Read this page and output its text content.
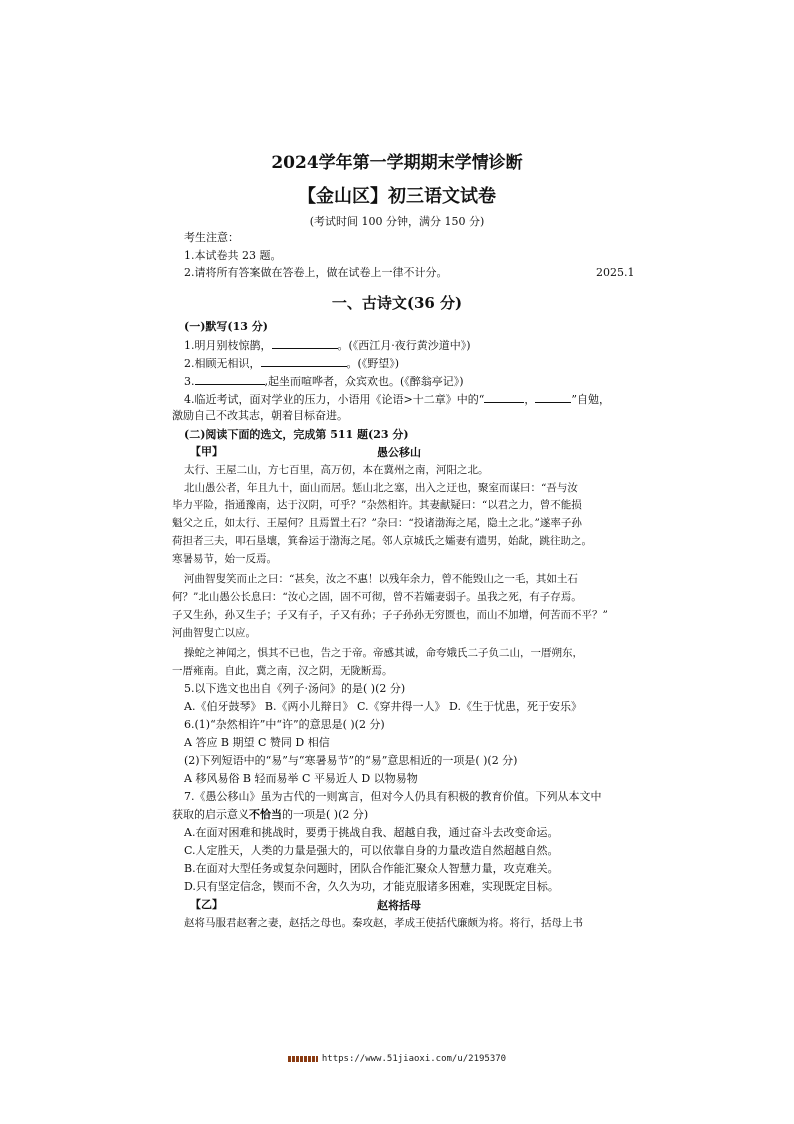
2024学年第一学期期末学情诊断
【金山区】初三语文试卷
(考试时间 100 分钟，满分 150 分)
考生注意：
1.本试卷共 23 题。
2.请将所有答案做在答卷上，做在试卷上一律不计分。	2025.1
一、古诗文(36 分)
(一)默写(13 分)
1.明月别枝惊鹊，	。(《西江月·夜行黄沙道中》)
2.相顾无相识，	。(《野望》)
3.	,起坐而喧哗者，众宾欢也。(《醉翁亭记》)
4.临近考试，面对学业的压力，小语用《论语>十二章》中的“	，	”自勉，
激励自己不改其志，朝着目标奋进。
(二)阅读下面的选文，完成第 511 题(23 分)
【甲】	愚公移山
太行、王屋二山，方七百里，高万仞，本在冀州之南，河阳之北。
北山愚公者，年且九十，面山而居。惩山北之塞，出入之迂也，聚室而谋曰：“吾与汝
毕力平险，指通豫南，达于汉阴，可乎？”杂然相许。其妻献疑曰：“以君之力，曾不能损
魁父之丘，如太行、王屋何？且焉置土石？”杂曰：“投诸渤海之尾，隐土之北。”遂率子孙
荷担者三夫，叩石垦壤，箕畚运于渤海之尾。邻人京城氏之孀妻有遗男，始龀，跳往助之。
寒暑易节，始一反焉。
河曲智叟笑而止之曰：“甚矣，汝之不惠！以残年余力，曾不能毁山之一毛，其如土石
何？”北山愚公长息曰：“汝心之固，固不可彻，曾不若孀妻弱子。虽我之死，有子存焉。
子又生孙，孙又生子；子又有子，子又有孙；子子孙孙无穷匮也，而山不加增，何苦而不平？”
河曲智叟亡以应。
操蛇之神闻之，惧其不已也，告之于帝。帝感其诚，命夸娥氏二子负二山，一厝朔东，
一厝雍南。自此，冀之南，汉之阴，无陇断焉。
5.以下选文也出自《列子·汤问》的是( )(2 分)
A.《伯牙鼓琴》 B.《两小儿辩日》 C.《穿井得一人》 D.《生于忧患，死于安乐》
6.(1)“杂然相许”中“许”的意思是( )(2 分)
A 答应 B 期望 C 赞同 D 相信
(2)下列短语中的“易”与“寒暑易节”的“易”意思相近的一项是( )(2 分)
A 移风易俗 B 轻而易举 C 平易近人 D 以物易物
7.《愚公移山》虽为古代的一则寓言，但对今人仍具有积极的教育价值。下列从本文中
获取的启示意义不恰当的一项是( )(2 分)
A.在面对困难和挑战时，要勇于挑战自我、超越自我，通过奋斗去改变命运。
C.人定胜天，人类的力量是强大的，可以依靠自身的力量改造自然超越自然。
B.在面对大型任务或复杂问题时，团队合作能汇聚众人智慧力量，攻克难关。
D.只有坚定信念，锲而不舍，久久为功，才能克服诸多困难，实现既定目标。
【乙】	赵将括母
赵将马服君赵奢之妻，赵括之母也。秦攻赵，孝成王使括代廉颇为将。将行，括母上书
https://www.51jiaoxi.com/u/2195370
